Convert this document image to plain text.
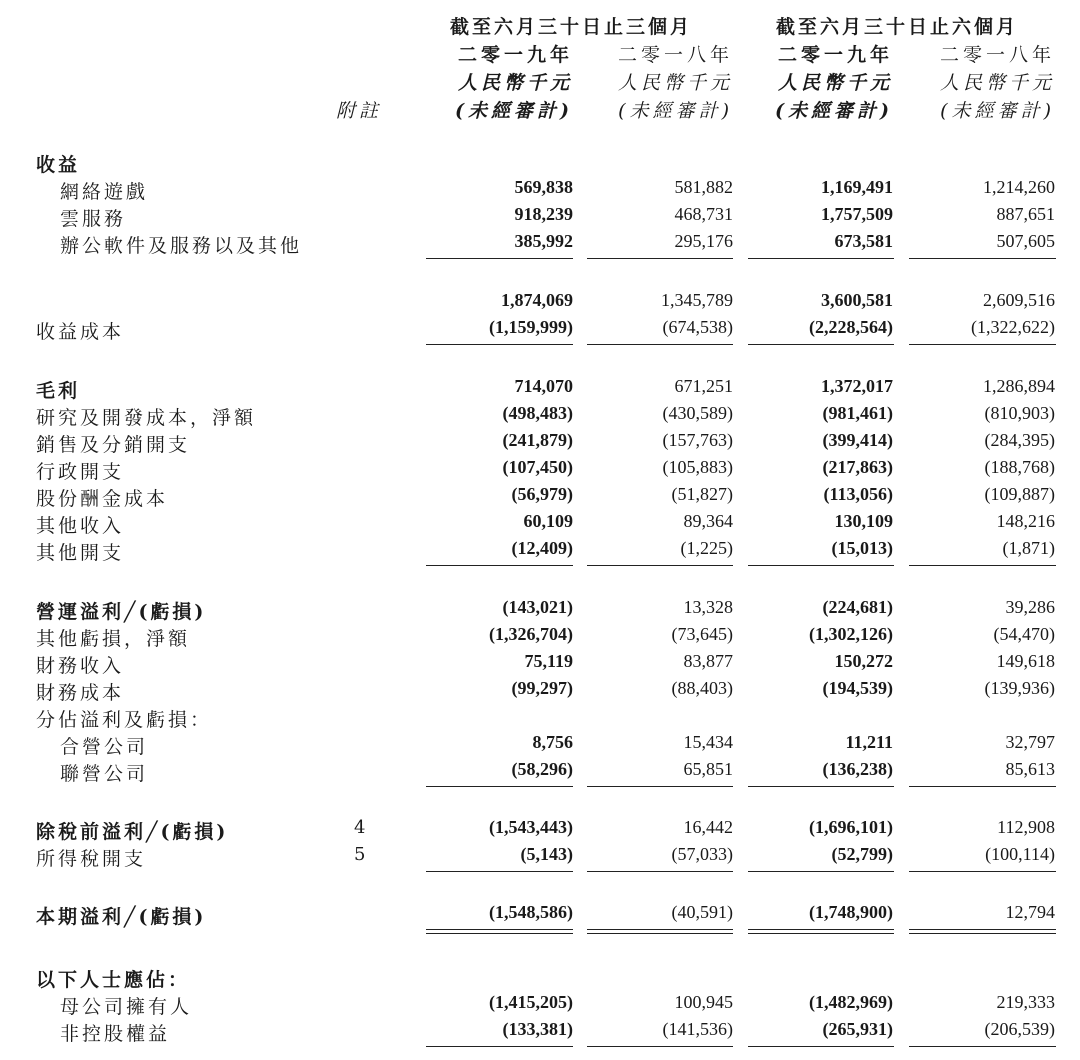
截至六月三十日止三個月	截至六月三十日止六個月
二零一九年 二零一八年 二零一九年 二零一八年
人民幣千元 人民幣千元 人民幣千元 人民幣千元
附註	(未經審計) (未經審計) (未經審計) (未經審計)
收益
網絡遊戲	569,838	581,882	1,169,491	1,214,260
雲服務	918,239	468,731	1,757,509	887,651
辦公軟件及服務以及其他	385,992	295,176	673,581	507,605
1,874,069	1,345,789	3,600,581	2,609,516
收益成本	(1,159,999)	(674,538)	(2,228,564)	(1,322,622)
毛利	714,070	671,251	1,372,017	1,286,894
研究及開發成本，淨額	(498,483)	(430,589)	(981,461)	(810,903)
銷售及分銷開支	(241,879)	(157,763)	(399,414)	(284,395)
行政開支	(107,450)	(105,883)	(217,863)	(188,768)
股份酬金成本	(56,979)	(51,827)	(113,056)	(109,887)
其他收入	60,109	89,364	130,109	148,216
其他開支	(12,409)	(1,225)	(15,013)	(1,871)
營運溢利╱(虧損)	(143,021)	13,328	(224,681)	39,286
其他虧損，淨額	(1,326,704)	(73,645)	(1,302,126)	(54,470)
財務收入	75,119	83,877	150,272	149,618
財務成本	(99,297)	(88,403)	(194,539)	(139,936)
分佔溢利及虧損：
合營公司	8,756	15,434	11,211	32,797
聯營公司	(58,296)	65,851	(136,238)	85,613
除稅前溢利╱(虧損)	4	(1,543,443)	16,442	(1,696,101)	112,908
所得稅開支	5	(5,143)	(57,033)	(52,799)	(100,114)
本期溢利╱(虧損)	(1,548,586)	(40,591)	(1,748,900)	12,794
以下人士應佔：
母公司擁有人	(1,415,205)	100,945	(1,482,969)	219,333
非控股權益	(133,381)	(141,536)	(265,931)	(206,539)
